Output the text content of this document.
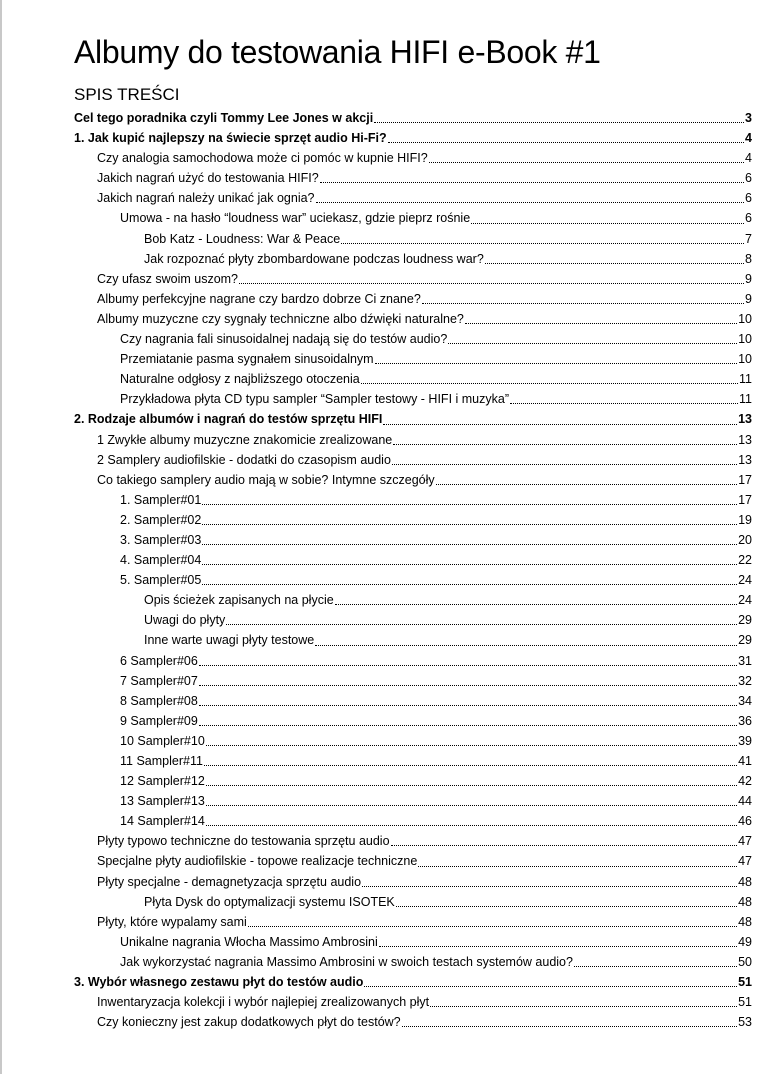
Albumy do testowania HIFI e-Book #1
SPIS TREŚCI
Cel tego poradnika czyli Tommy Lee Jones w akcji	3
1. Jak kupić najlepszy na świecie sprzęt audio Hi-Fi?	4
Czy analogia samochodowa może ci pomóc w kupnie HIFI?	4
Jakich nagrań użyć do testowania HIFI?	6
Jakich nagrań należy unikać jak ognia?	6
Umowa - na hasło “loudness war” uciekasz, gdzie pieprz rośnie	6
Bob Katz - Loudness: War & Peace	7
Jak rozpoznać płyty zbombardowane podczas loudness war?	8
Czy ufasz swoim uszom?	9
Albumy perfekcyjne nagrane czy bardzo dobrze Ci znane?	9
Albumy muzyczne czy sygnały techniczne albo dźwięki naturalne?	10
Czy nagrania fali sinusoidalnej nadają się do testów audio?	10
Przemiatanie pasma sygnałem sinusoidalnym	10
Naturalne odgłosy z najbliższego otoczenia	11
Przykładowa płyta CD typu sampler “Sampler testowy - HIFI i muzyka”	11
2. Rodzaje albumów i nagrań do testów sprzętu HIFI	13
1 Zwykłe albumy muzyczne znakomicie zrealizowane	13
2 Samplery audiofilskie - dodatki do czasopism audio	13
Co takiego samplery audio mają w sobie? Intymne szczegóły	17
1. Sampler#01	17
2. Sampler#02	19
3. Sampler#03	20
4. Sampler#04	22
5. Sampler#05	24
Opis ścieżek zapisanych na płycie	24
Uwagi do płyty	29
Inne warte uwagi płyty testowe	29
6 Sampler#06	31
7 Sampler#07	32
8 Sampler#08	34
9 Sampler#09	36
10 Sampler#10	39
11 Sampler#11	41
12 Sampler#12	42
13 Sampler#13	44
14 Sampler#14	46
Płyty typowo techniczne do testowania sprzętu audio	47
Specjalne płyty audiofilskie - topowe realizacje techniczne	47
Płyty specjalne - demagnetyzacja sprzętu audio	48
Płyta Dysk do optymalizacji systemu ISOTEK	48
Płyty, które wypalamy sami	48
Unikalne nagrania Włocha Massimo Ambrosini	49
Jak wykorzystać nagrania Massimo Ambrosini w swoich testach systemów audio?	50
3. Wybór własnego zestawu płyt do testów audio	51
Inwentaryzacja kolekcji i wybór najlepiej zrealizowanych płyt	51
Czy konieczny jest zakup dodatkowych płyt do testów?	53
